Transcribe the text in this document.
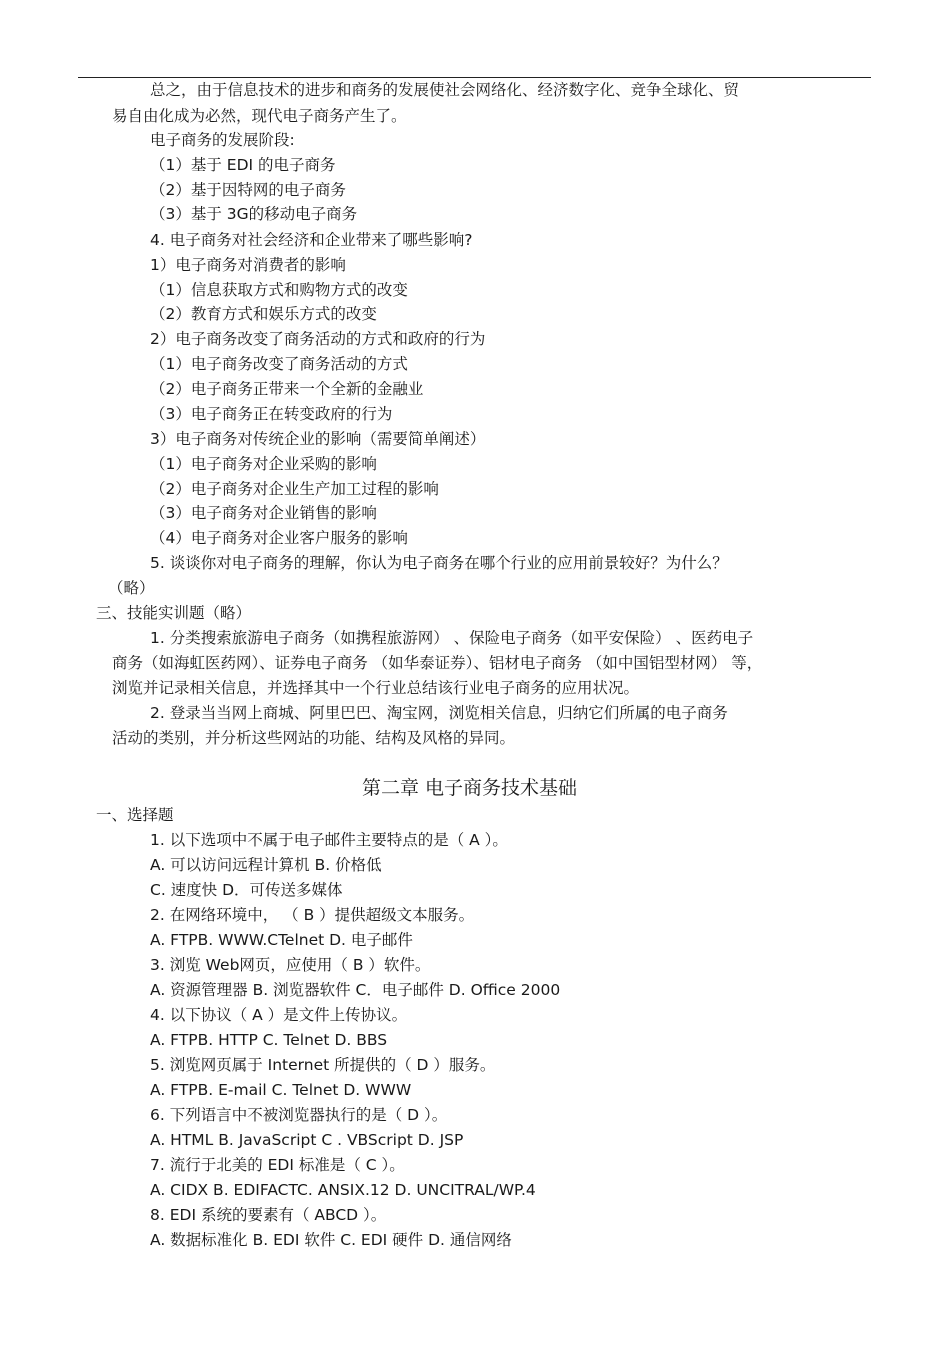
总之，由于信息技术的进步和商务的发展使社会网络化、经济数字化、竞争全球化、贸
易自由化成为必然，现代电子商务产生了。
电子商务的发展阶段:
（1）基于 EDI 的电子商务
（2）基于因特网的电子商务
（3）基于 3G的移动电子商务
4. 电子商务对社会经济和企业带来了哪些影响?
1）电子商务对消费者的影响
（1）信息获取方式和购物方式的改变
（2）教育方式和娱乐方式的改变
2）电子商务改变了商务活动的方式和政府的行为
（1）电子商务改变了商务活动的方式
（2）电子商务正带来一个全新的金融业
（3）电子商务正在转变政府的行为
3）电子商务对传统企业的影响（需要简单阐述）
（1）电子商务对企业采购的影响
（2）电子商务对企业生产加工过程的影响
（3）电子商务对企业销售的影响
（4）电子商务对企业客户服务的影响
5. 谈谈你对电子商务的理解，你认为电子商务在哪个行业的应用前景较好？为什么？
（略）
三、技能实训题（略）
1. 分类搜索旅游电子商务（如携程旅游网） 、保险电子商务（如平安保险） 、医药电子
商务（如海虹医药网）、证券电子商务 （如华泰证券）、铝材电子商务 （如中国铝型材网） 等，
浏览并记录相关信息，并选择其中一个行业总结该行业电子商务的应用状况。
2. 登录当当网上商城、阿里巴巴、淘宝网，浏览相关信息，归纳它们所属的电子商务
活动的类别，并分析这些网站的功能、结构及风格的异同。
第二章 电子商务技术基础
一、选择题
1. 以下选项中不属于电子邮件主要特点的是（ A ）。
A. 可以访问远程计算机 B. 价格低
C. 速度快 D．可传送多媒体
2. 在网络环境中， （ B ）提供超级文本服务。
A. FTPB. WWW.CTelnet D. 电子邮件
3. 浏览 Web网页，应使用（ B ）软件。
A. 资源管理器 B. 浏览器软件 C．电子邮件 D. Office 2000
4. 以下协议（ A ）是文件上传协议。
A. FTPB. HTTP C. Telnet D. BBS
5. 浏览网页属于 Internet 所提供的（ D ）服务。
A. FTPB. E-mail C. Telnet D. WWW
6. 下列语言中不被浏览器执行的是（ D ）。
A. HTML B. JavaScript C . VBScript D. JSP
7. 流行于北美的 EDI 标准是（ C ）。
A. CIDX B. EDIFACTC. ANSIX.12 D. UNCITRAL/WP.4
8. EDI 系统的要素有（ ABCD ）。
A. 数据标准化 B. EDI 软件 C. EDI 硬件 D. 通信网络
